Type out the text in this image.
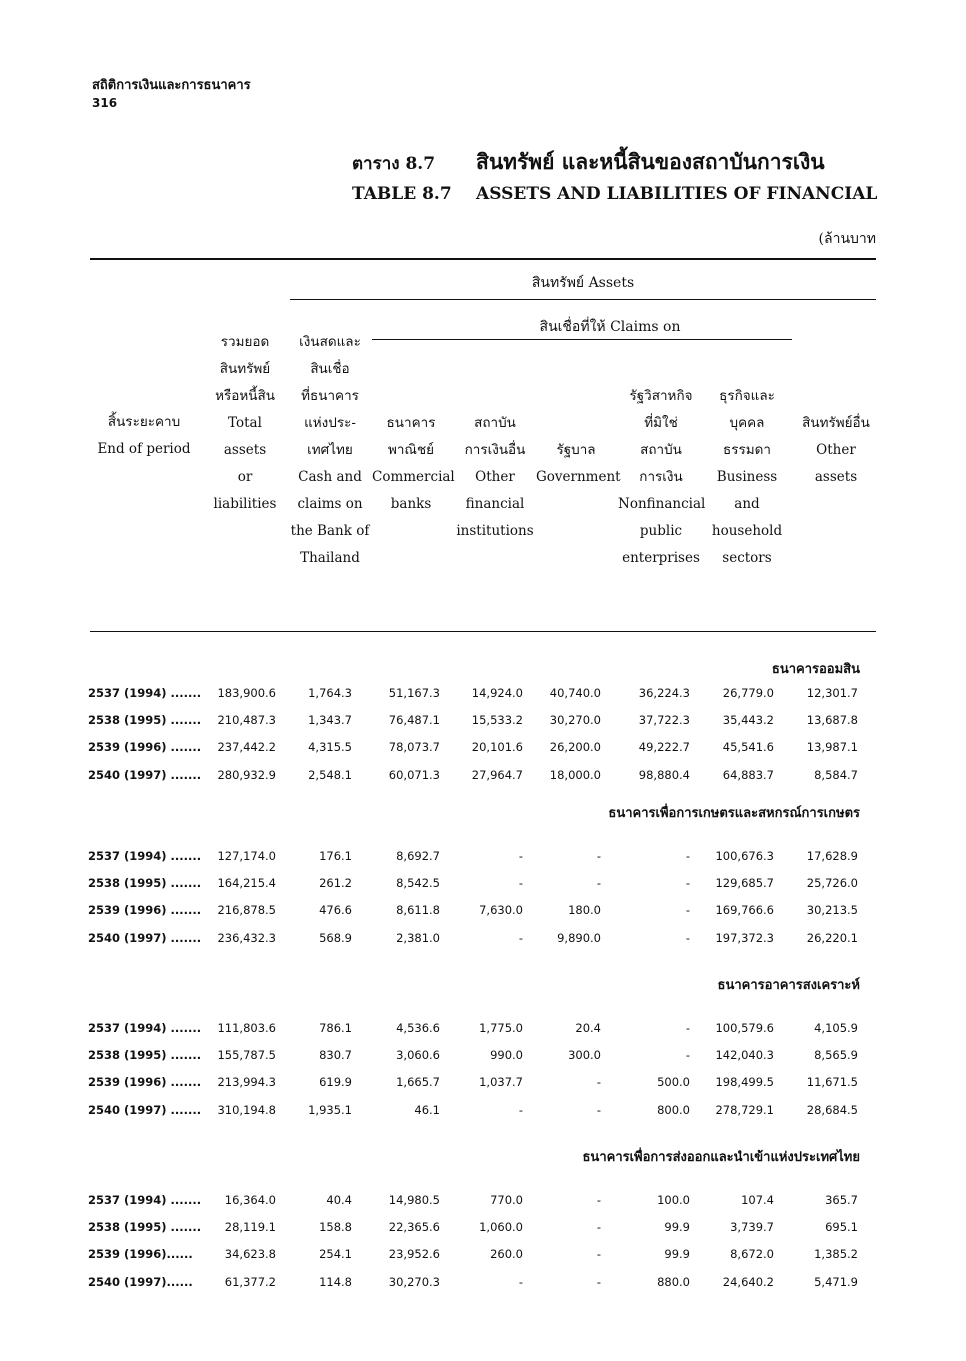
สถิติการเงินและการธนาคาร
316
ตาราง 8.7 สินทรัพย์ และหนี้สินของสถาบันการเงิน
TABLE 8.7 ASSETS AND LIABILITIES OF FINANCIAL
(ล้านบาท
สินทรัพย์ Assets
สินเชื่อที่ให้ Claims on
สิ้นระยะคาบ
End of period
รวมยอด
สินทรัพย์
หรือหนี้สิน
Total
assets
or
liabilities
เงินสดและ
สินเชื่อ
ที่ธนาคาร
แห่งประ-
เทศไทย
Cash and
claims on
the Bank of
Thailand
ธนาคาร
พาณิชย์
Commercial
banks
สถาบัน
การเงินอื่น
Other
financial
institutions
รัฐบาล
Government
รัฐวิสาหกิจ
ที่มิใช่
สถาบัน
การเงิน
Nonfinancial
public
enterprises
ธุรกิจและ
บุคคล
ธรรมดา
Business
and
household
sectors
สินทรัพย์อื่น
Other
assets
ธนาคารออมสิน
2537 (1994) ....... 183,900.6	1,764.3	51,167.3	14,924.0 40,740.0	36,224.3	26,779.0	12,301.7
2538 (1995) ....... 210,487.3	1,343.7	76,487.1	15,533.2 30,270.0	37,722.3	35,443.2	13,687.8
2539 (1996) ....... 237,442.2	4,315.5	78,073.7	20,101.6 26,200.0	49,222.7	45,541.6	13,987.1
2540 (1997) ....... 280,932.9	2,548.1	60,071.3	27,964.7 18,000.0	98,880.4	64,883.7	8,584.7
ธนาคารเพื่อการเกษตรและสหกรณ์การเกษตร
2537 (1994) ....... 127,174.0	176.1	8,692.7	-	-	- 100,676.3	17,628.9
2538 (1995) ....... 164,215.4	261.2	8,542.5	-	-	- 129,685.7	25,726.0
2539 (1996) ....... 216,878.5	476.6	8,611.8	7,630.0	180.0	- 169,766.6	30,213.5
2540 (1997) ....... 236,432.3	568.9	2,381.0	-	9,890.0	- 197,372.3	26,220.1
ธนาคารอาคารสงเคราะห์
2537 (1994) ....... 111,803.6	786.1	4,536.6	1,775.0	20.4	- 100,579.6	4,105.9
2538 (1995) ....... 155,787.5	830.7	3,060.6	990.0	300.0	- 142,040.3	8,565.9
2539 (1996) ....... 213,994.3	619.9	1,665.7	1,037.7	-	500.0 198,499.5	11,671.5
2540 (1997) ....... 310,194.8	1,935.1	46.1	-	-	800.0 278,729.1	28,684.5
ธนาคารเพื่อการส่งออกและนำเข้าแห่งประเทศไทย
2537 (1994) ....... 16,364.0	40.4	14,980.5	770.0	-	100.0	107.4	365.7
2538 (1995) ....... 28,119.1	158.8	22,365.6	1,060.0	-	99.9	3,739.7	695.1
2539 (1996)......	34,623.8	254.1	23,952.6	260.0	-	99.9	8,672.0	1,385.2
2540 (1997)......	61,377.2	114.8	30,270.3	-	-	880.0	24,640.2	5,471.9
